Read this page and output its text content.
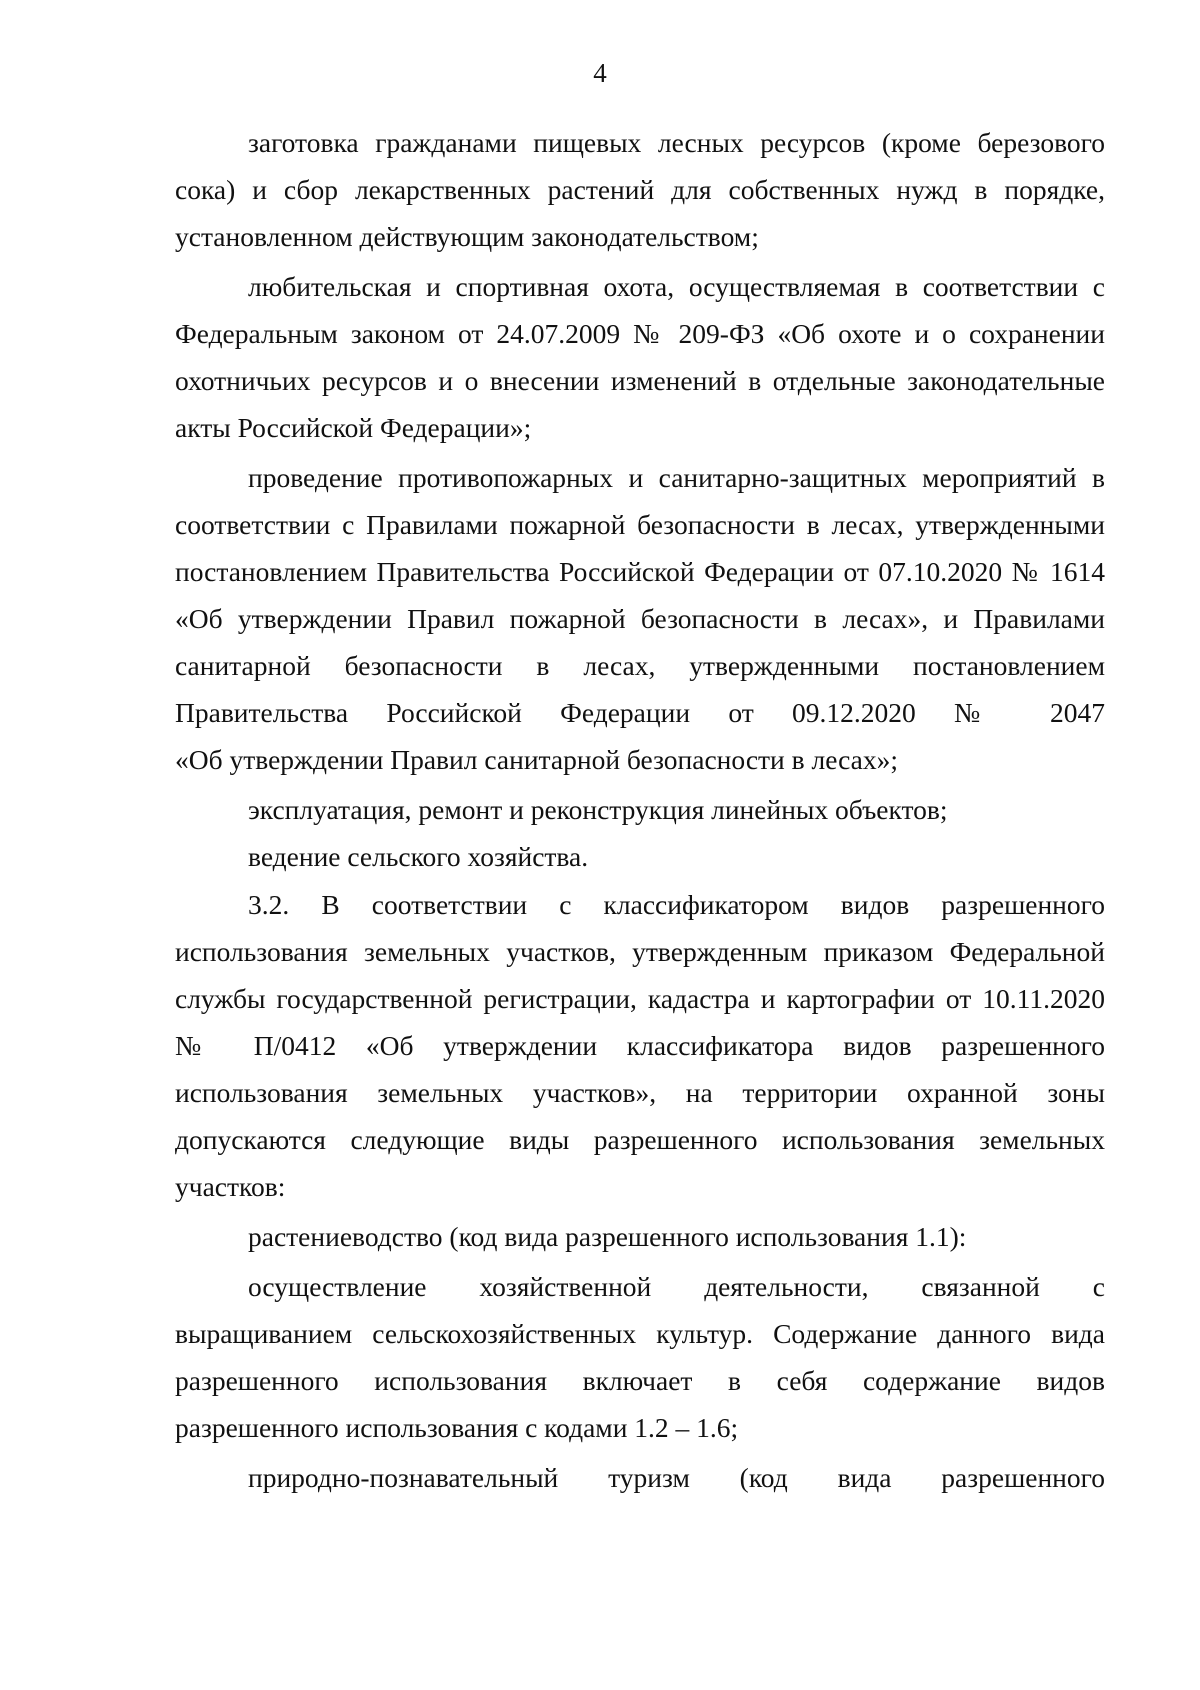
4
заготовка гражданами пищевых лесных ресурсов (кроме березового
сока) и сбор лекарственных растений для собственных нужд в порядке,
установленном действующим законодательством;
любительская и спортивная охота, осуществляемая в соответствии с
Федеральным законом от 24.07.2009 № 209-ФЗ «Об охоте и о сохранении
охотничьих ресурсов и о внесении изменений в отдельные законодательные
акты Российской Федерации»;
проведение противопожарных и санитарно-защитных мероприятий в
соответствии с Правилами пожарной безопасности в лесах, утвержденными
постановлением Правительства Российской Федерации от 07.10.2020 № 1614
«Об утверждении Правил пожарной безопасности в лесах», и Правилами
санитарной безопасности в лесах, утвержденными постановлением
Правительства Российской Федерации от 09.12.2020 № 2047
«Об утверждении Правил санитарной безопасности в лесах»;
эксплуатация, ремонт и реконструкция линейных объектов;
ведение сельского хозяйства.
3.2. В соответствии с классификатором видов разрешенного
использования земельных участков, утвержденным приказом Федеральной
службы государственной регистрации, кадастра и картографии от 10.11.2020
№ П/0412 «Об утверждении классификатора видов разрешенного
использования земельных участков», на территории охранной зоны
допускаются следующие виды разрешенного использования земельных
участков:
растениеводство (код вида разрешенного использования 1.1):
осуществление хозяйственной деятельности, связанной с
выращиванием сельскохозяйственных культур. Содержание данного вида
разрешенного использования включает в себя содержание видов
разрешенного использования с кодами 1.2 – 1.6;
природно-познавательный туризм (код вида разрешенного
